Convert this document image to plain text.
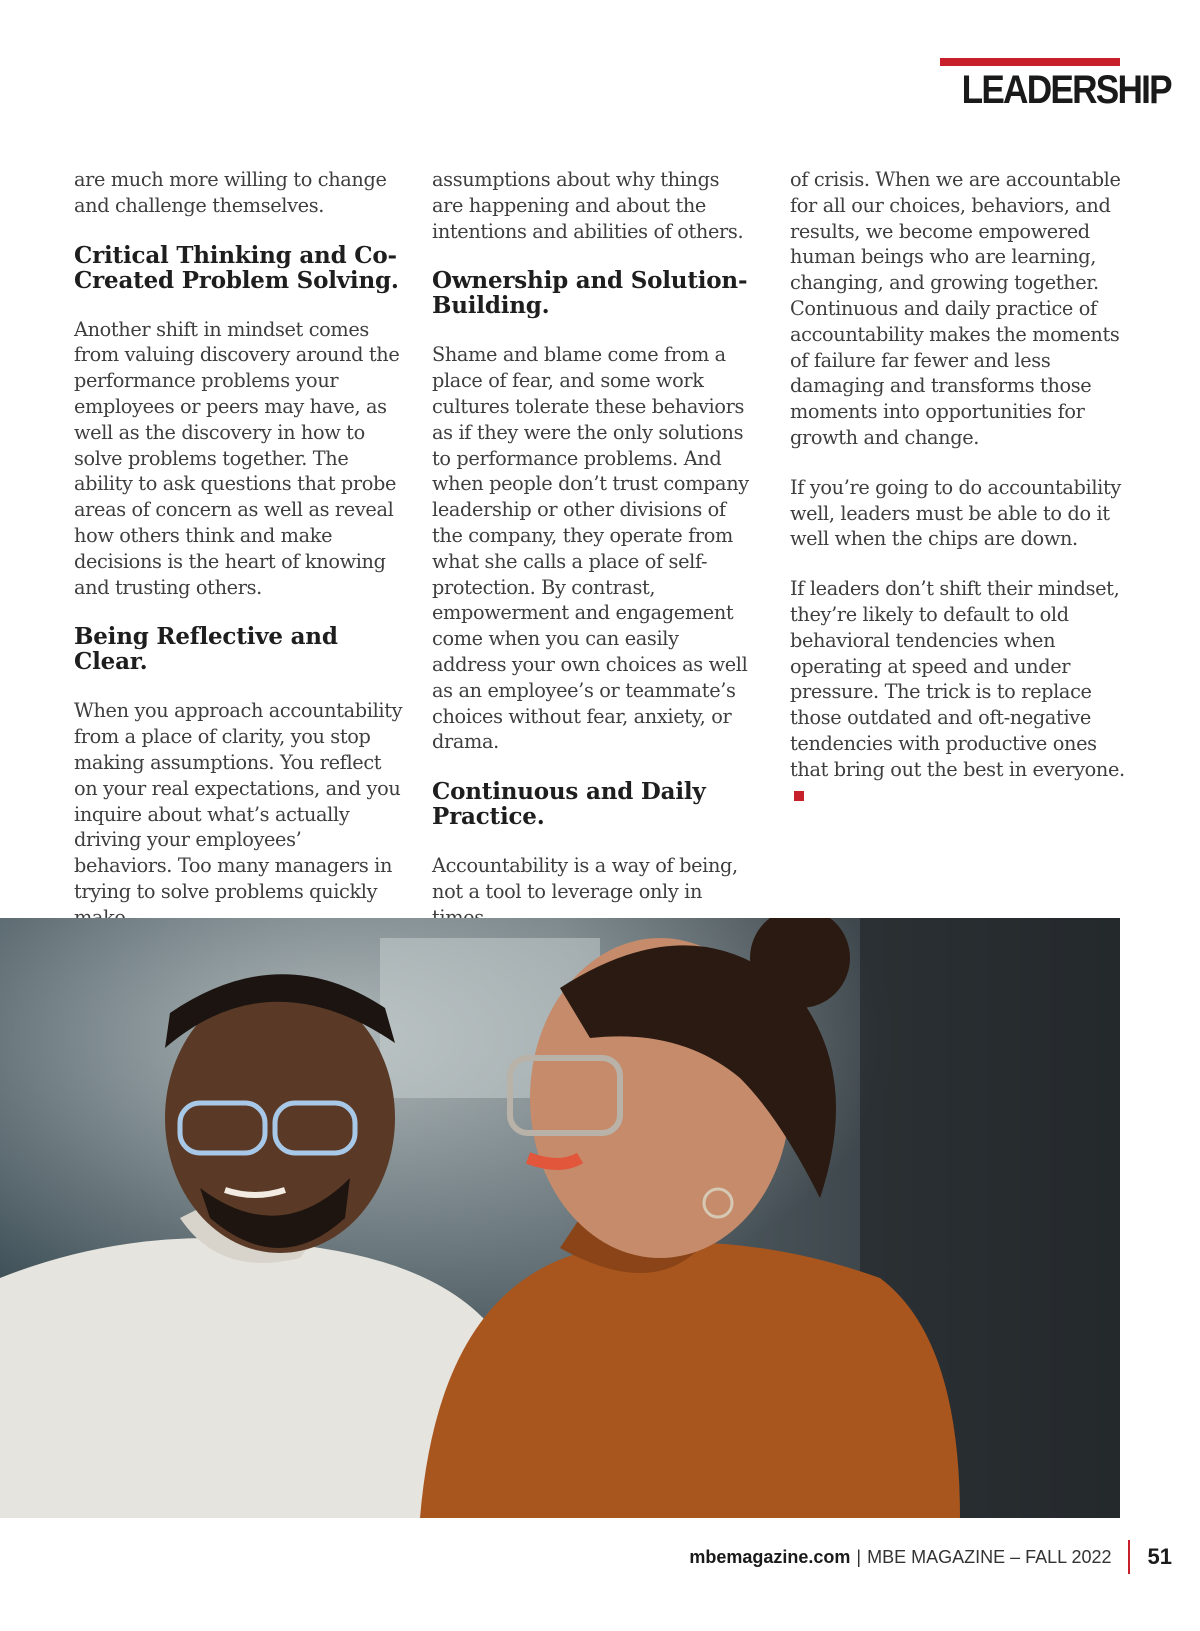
LEADERSHIP

are much more willing to change and challenge themselves.

Critical Thinking and Co-Created Problem Solving.

Another shift in mindset comes from valuing discovery around the performance problems your employees or peers may have, as well as the discovery in how to solve problems together. The ability to ask questions that probe areas of concern as well as reveal how others think and make decisions is the heart of knowing and trusting others.

Being Reflective and Clear.

When you approach accountability from a place of clarity, you stop making assumptions. You reflect on your real expectations, and you inquire about what’s actually driving your employees’ behaviors. Too many managers in trying to solve problems quickly

assumptions about why things are happening and about the intentions and abilities of others.

Ownership and Solution-Building.

Shame and blame come from a place of fear, and some work cultures tolerate these behaviors as if they were the only solutions to performance problems. And when people don’t trust company leadership or other divisions of the company, they operate from what she calls a place of self-protection. By contrast, empowerment and engagement come when you can easily address your own choices as well as an employee’s or teammate’s choices without fear, anxiety, or drama.

Continuous and Daily Practice.

Accountability is a way of being, not a tool to leverage only in

of crisis. When we are accountable for all our choices, behaviors, and results, we become empowered human beings who are learning, changing, and growing together. Continuous and daily practice of accountability makes the moments of failure far fewer and less damaging and transforms those moments into opportunities for growth and change.

If you’re going to do accountability well, leaders must be able to do it well when the chips are down.

If leaders don’t shift their mindset, they’re likely to default to old behavioral tendencies when operating at speed and under pressure. The trick is to replace those outdated and oft-negative tendencies with productive ones that bring out the best in everyone.

mbemagazine.com | MBE MAGAZINE – FALL 2022 51
